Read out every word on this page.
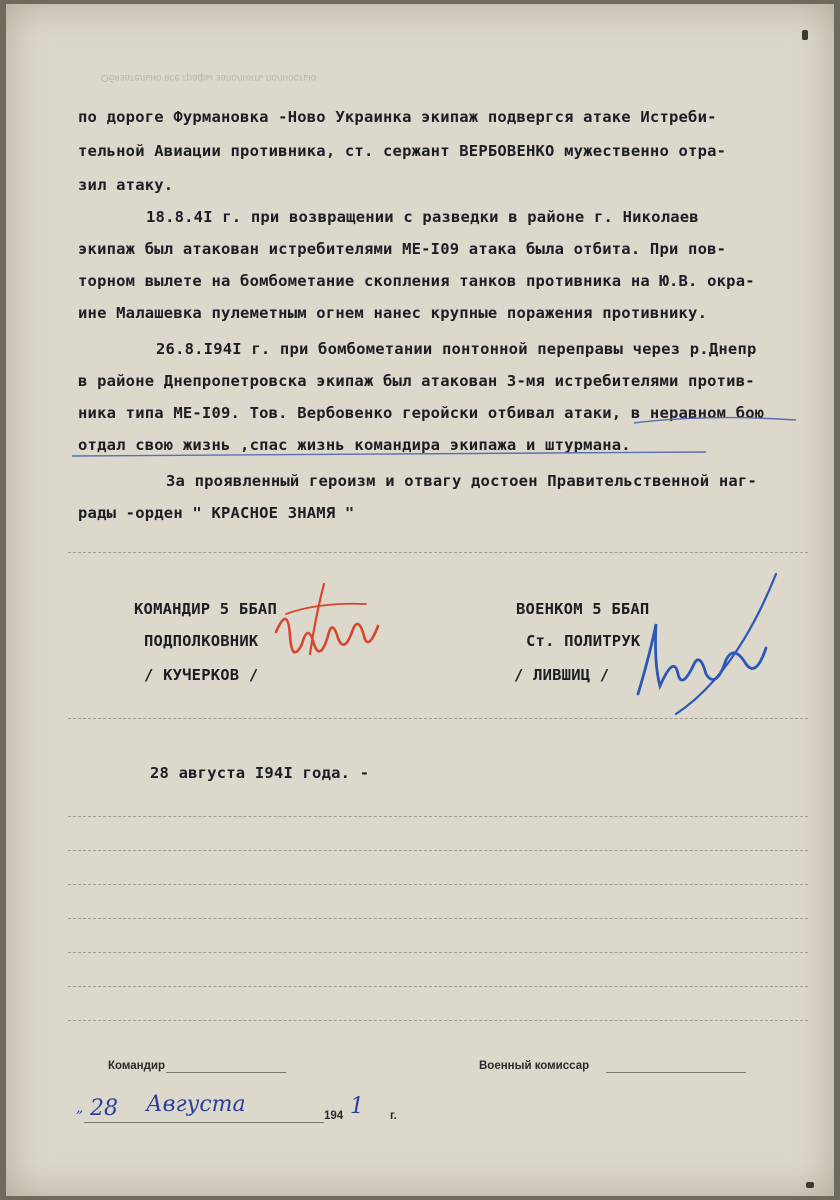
Обязательно все графы заполнять полностью
по дороге Фурмановка -Ново Украинка экипаж подвергся атаке Истреби-
тельной Авиации противника, ст. сержант ВЕРБОВЕНКО мужественно отра-
зил атаку.
18.8.4I г. при возвращении с разведки в районе г. Николаев
экипаж был атакован истребителями МЕ-I09 атака была отбита. При пов-
торном вылете на бомбометание скопления танков противника на Ю.В. окра-
ине Малашевка пулеметным огнем нанес крупные поражения противнику.
26.8.I94I г. при бомбометании понтонной переправы через р.Днепр
в районе Днепропетровска экипаж был атакован 3-мя истребителями против-
ника типа МЕ-I09. Тов. Вербовенко геройски отбивал атаки, в неравном бою
отдал свою жизнь ,спас жизнь командира экипажа и штурмана.
За проявленный героизм и отвагу достоен Правительственной наг-
рады -орден " КРАСНОЕ ЗНАМЯ "
КОМАНДИР 5 ББАП
ПОДПОЛКОВНИК
/ КУЧЕРКОВ /
ВОЕНКОМ 5 ББАП
Ст. ПОЛИТРУК
/ ЛИВШИЦ /
28 августа I94I года. -
Командир	Военный комиссар
„ 28 Августа	194 1 г.
